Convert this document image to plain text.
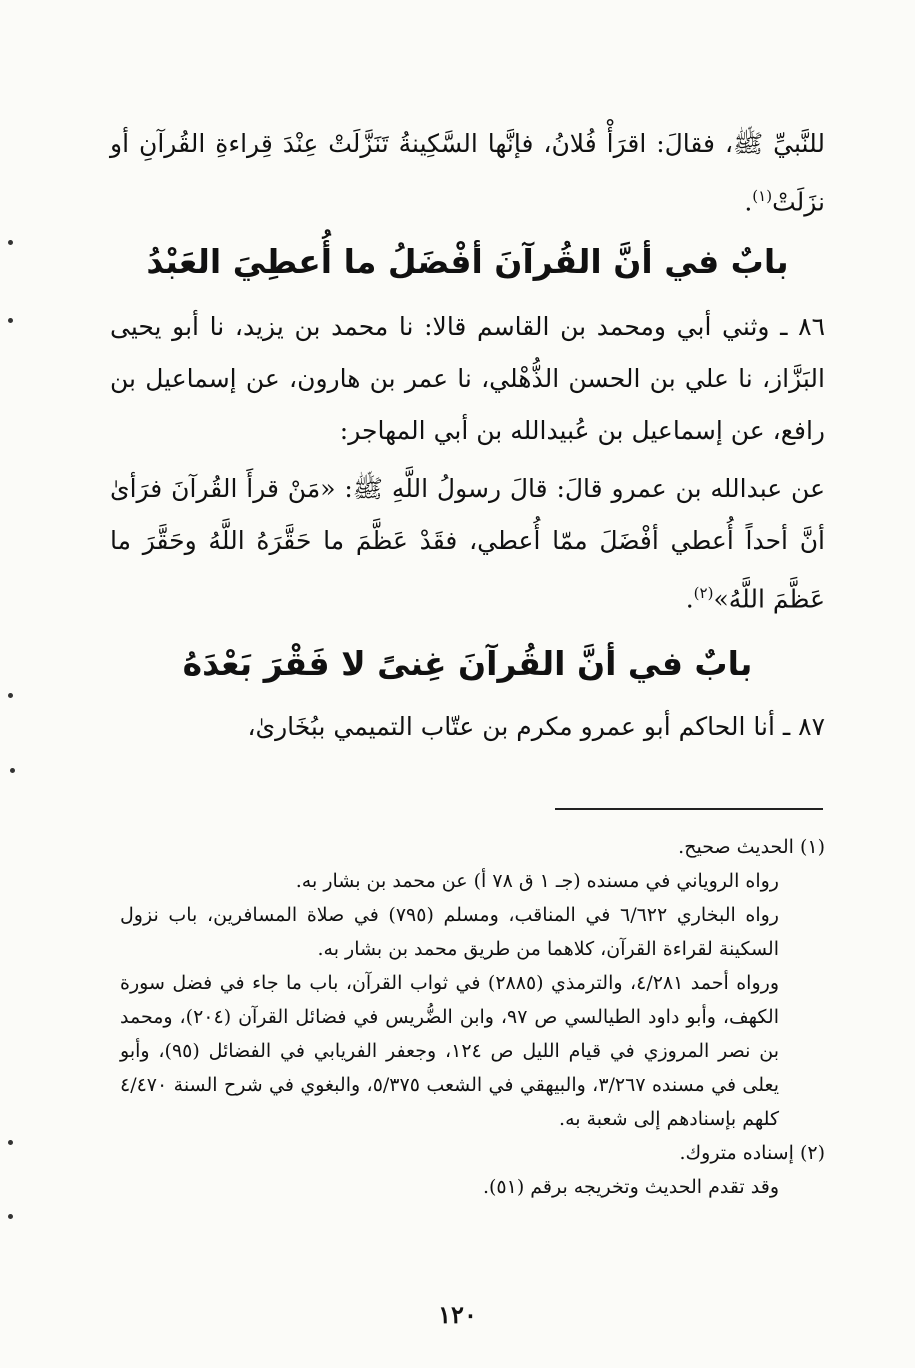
للنَّبيِّ ﷺ، فقالَ: اقرَأْ فُلانُ، فإنَّها السَّكِينةُ تَنَزَّلَتْ عِنْدَ قِراءةِ القُرآنِ أو نزَلَتْ$^{(١)}$.

بابٌ في أنَّ القُرآنَ أفْضَلُ ما أُعطِيَ العَبْدُ

٨٦ ـ وثني أبي ومحمد بن القاسم قالا: نا محمد بن يزيد، نا أبو يحيى البَزَّاز، نا علي بن الحسن الذُّهْلي، نا عمر بن هارون، عن إسماعيل بن رافع، عن إسماعيل بن عُبيدالله بن أبي المهاجر:

عن عبدالله بن عمرو قالَ: قالَ رسولُ اللَّهِ ﷺ: «مَنْ قرأَ القُرآنَ فرَأىٰ أنَّ أحداً أُعطي أفْضَلَ ممّا أُعطي، فقَدْ عَظَّمَ ما حَقَّرَهُ اللَّهُ وحَقَّرَ ما عَظَّمَ اللَّهُ»$^{(٢)}$.

بابٌ في أنَّ القُرآنَ غِنىً لا فَقْرَ بَعْدَهُ

٨٧ ـ أنا الحاكم أبو عمرو مكرم بن عتّاب التميمي ببُخَارىٰ،

(١) الحديث صحيح.

رواه الروياني في مسنده (جـ ١ ق ٧٨ أ) عن محمد بن بشار به.

رواه البخاري ٦/٦٢٢ في المناقب، ومسلم (٧٩٥) في صلاة المسافرين، باب نزول السكينة لقراءة القرآن، كلاهما من طريق محمد بن بشار به.

ورواه أحمد ٤/٢٨١، والترمذي (٢٨٨٥) في ثواب القرآن، باب ما جاء في فضل سورة الكهف، وأبو داود الطيالسي ص ٩٧، وابن الضُّريس في فضائل القرآن (٢٠٤)، ومحمد بن نصر المروزي في قيام الليل ص ١٢٤، وجعفر الفريابي في الفضائل (٩٥)، وأبو يعلى في مسنده ٣/٢٦٧، والبيهقي في الشعب ٥/٣٧٥، والبغوي في شرح السنة ٤/٤٧٠ كلهم بإسنادهم إلى شعبة به.

(٢) إسناده متروك.

وقد تقدم الحديث وتخريجه برقم (٥١).

١٢٠
